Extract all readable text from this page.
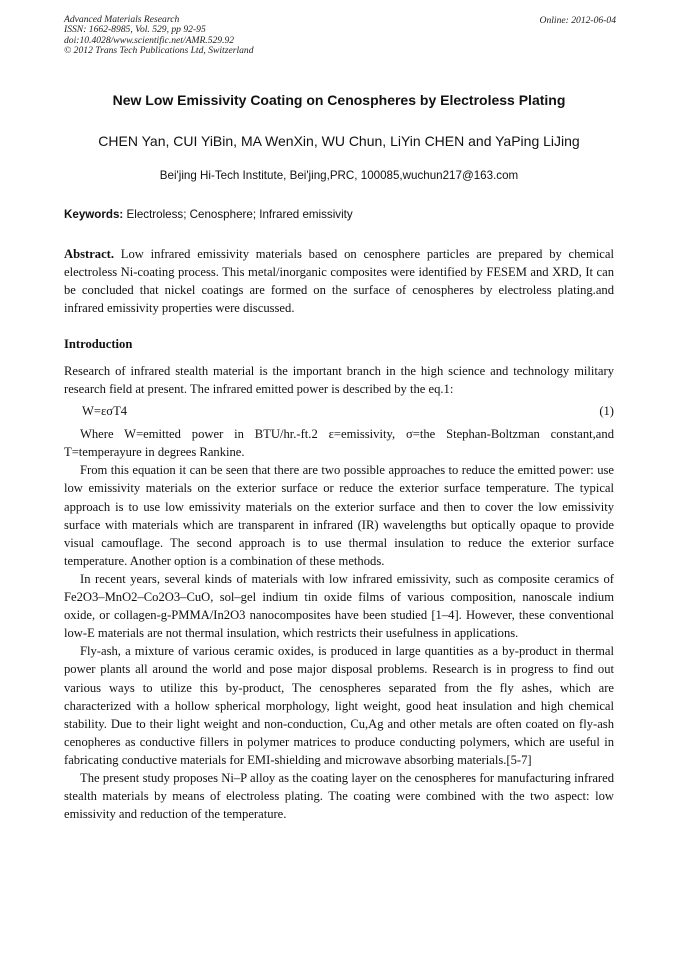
Advanced Materials Research
ISSN: 1662-8985, Vol. 529, pp 92-95
doi:10.4028/www.scientific.net/AMR.529.92
© 2012 Trans Tech Publications Ltd, Switzerland
Online: 2012-06-04
New Low Emissivity Coating on Cenospheres by Electroless Plating
CHEN Yan, CUI YiBin, MA WenXin, WU Chun, LiYin CHEN and YaPing LiJing
Bei'jing Hi-Tech Institute, Bei'jing,PRC, 100085,wuchun217@163.com
Keywords: Electroless; Cenosphere; Infrared emissivity

Abstract. Low infrared emissivity materials based on cenosphere particles are prepared by chemical electroless Ni-coating process. This metal/inorganic composites were identified by FESEM and XRD, It can be concluded that nickel coatings are formed on the surface of cenospheres by electroless plating.and infrared emissivity properties were discussed.

Introduction

Research of infrared stealth material is the important branch in the high science and technology military research field at present. The infrared emitted power is described by the eq.1:

W=εσT4	(1)

Where W=emitted power in BTU/hr.-ft.2 ε=emissivity, σ=the Stephan-Boltzman constant,and T=temperayure in degrees Rankine.

From this equation it can be seen that there are two possible approaches to reduce the emitted power: use low emissivity materials on the exterior surface or reduce the exterior surface temperature. The typical approach is to use low emissivity materials on the exterior surface and then to cover the low emissivity surface with materials which are transparent in infrared (IR) wavelengths but optically opaque to provide visual camouflage. The second approach is to use thermal insulation to reduce the exterior surface temperature. Another option is a combination of these methods.

In recent years, several kinds of materials with low infrared emissivity, such as composite ceramics of Fe2O3–MnO2–Co2O3–CuO, sol–gel indium tin oxide films of various composition, nanoscale indium oxide, or collagen-g-PMMA/In2O3 nanocomposites have been studied [1–4]. However, these conventional low-E materials are not thermal insulation, which restricts their usefulness in applications.

Fly-ash, a mixture of various ceramic oxides, is produced in large quantities as a by-product in thermal power plants all around the world and pose major disposal problems. Research is in progress to find out various ways to utilize this by-product, The cenospheres separated from the fly ashes, which are characterized with a hollow spherical morphology, light weight, good heat insulation and high chemical stability. Due to their light weight and non-conduction, Cu,Ag and other metals are often coated on fly-ash cenopheres as conductive fillers in polymer matrices to produce conducting polymers, which are useful in fabricating conductive materials for EMI-shielding and microwave absorbing materials.[5-7]

The present study proposes Ni–P alloy as the coating layer on the cenospheres for manufacturing infrared stealth materials by means of electroless plating. The coating were combined with the two aspect: low emissivity and reduction of the temperature.
